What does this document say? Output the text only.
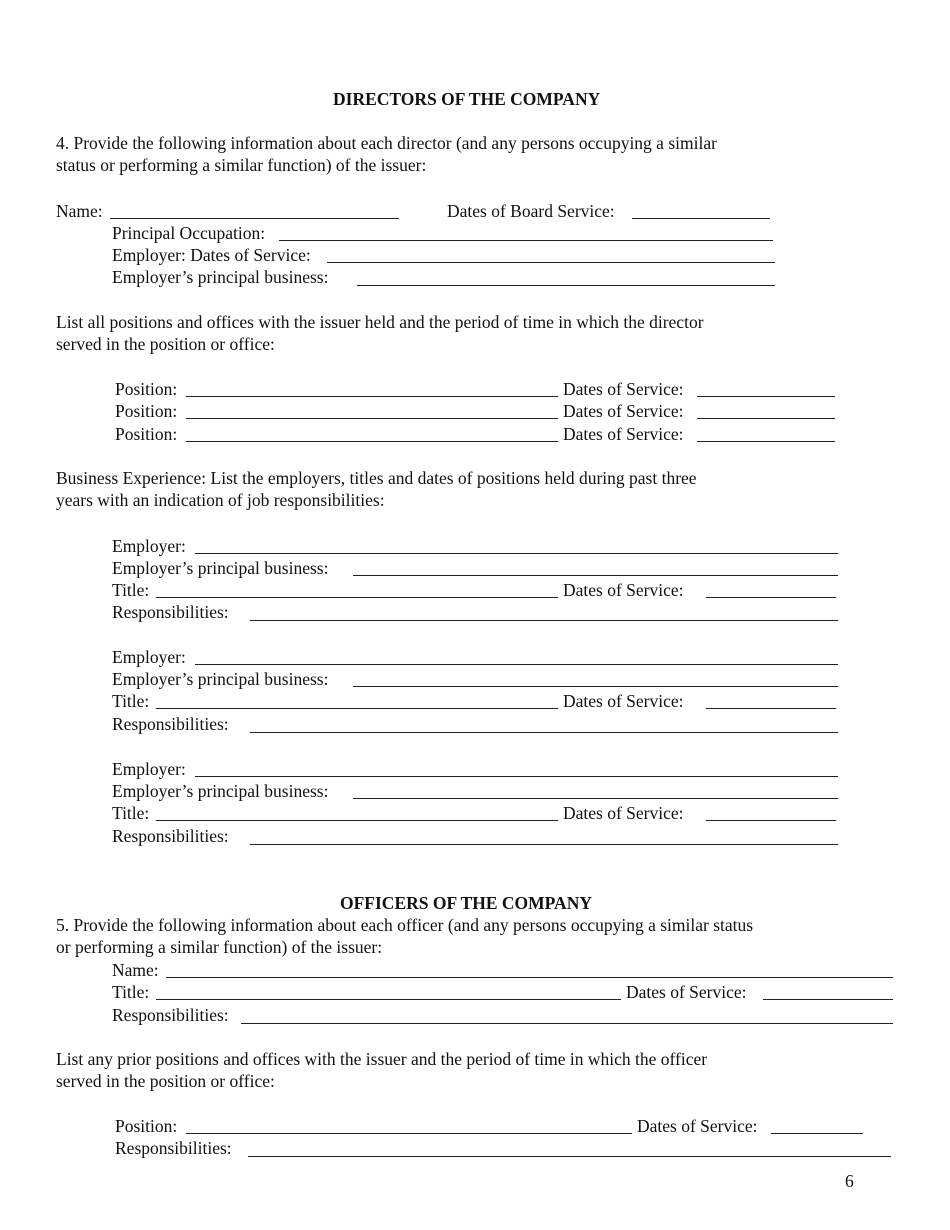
DIRECTORS OF THE COMPANY
4. Provide the following information about each director (and any persons occupying a similar
status or performing a similar function) of the issuer:
Name:	Dates of Board Service:
Principal Occupation:
Employer: Dates of Service:
Employer’s principal business:
List all positions and offices with the issuer held and the period of time in which the director
served in the position or office:
Position:	Dates of Service:
Position:	Dates of Service:
Position:	Dates of Service:
Business Experience: List the employers, titles and dates of positions held during past three
years with an indication of job responsibilities:
Employer:
Employer’s principal business:
Title:	Dates of Service:
Responsibilities:
Employer:
Employer’s principal business:
Title:	Dates of Service:
Responsibilities:
Employer:
Employer’s principal business:
Title:	Dates of Service:
Responsibilities:
OFFICERS OF THE COMPANY
5. Provide the following information about each officer (and any persons occupying a similar status
or performing a similar function) of the issuer:
Name:
Title:	Dates of Service:
Responsibilities:
List any prior positions and offices with the issuer and the period of time in which the officer
served in the position or office:
Position:	Dates of Service:
Responsibilities:
6
